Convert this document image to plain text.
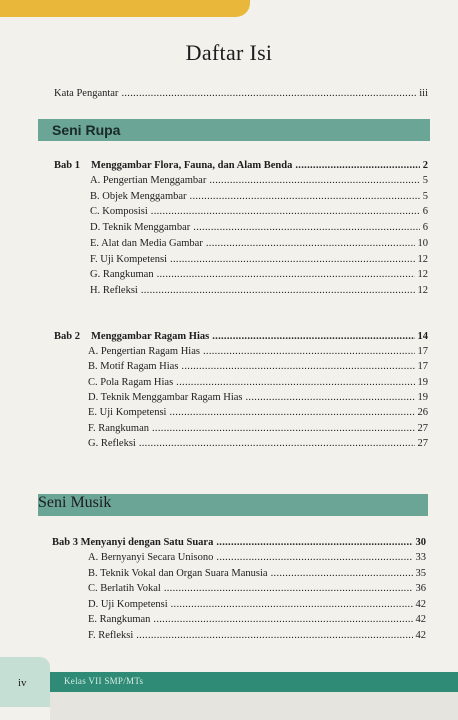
Daftar Isi
Kata Pengantar .....	iii
Seni Rupa
Bab 1 Menggambar Flora, Fauna, dan Alam Benda .....	2
A. Pengertian Menggambar .....	5
B. Objek Menggambar .....	5
C. Komposisi .....	6
D. Teknik Menggambar .....	6
E. Alat dan Media Gambar .....	10
F. Uji Kompetensi .....	12
G. Rangkuman .....	12
H. Refleksi .....	12
Bab 2 Menggambar Ragam Hias .....	14
A. Pengertian Ragam Hias .....	17
B. Motif Ragam Hias .....	17
C. Pola Ragam Hias .....	19
D. Teknik Menggambar Ragam Hias .....	19
E. Uji Kompetensi .....	26
F. Rangkuman .....	27
G. Refleksi .....	27
Seni Musik
Bab 3 Menyanyi dengan Satu Suara .....	30
A. Bernyanyi Secara Unisono .....	33
B. Teknik Vokal dan Organ Suara Manusia .....	35
C. Berlatih Vokal .....	36
D. Uji Kompetensi .....	42
E. Rangkuman .....	42
F. Refleksi .....	42
iv	Kelas VII SMP/MTs
